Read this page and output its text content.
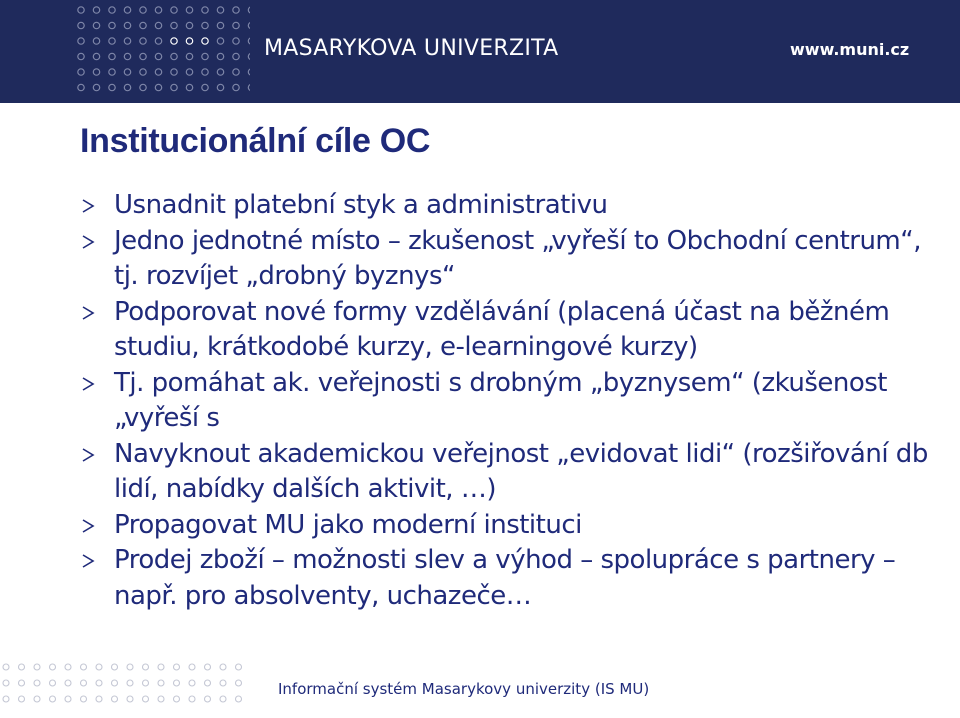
MASARYKOVA UNIVERZITA	www.muni.cz
Institucionální cíle OC
Usnadnit platební styk a administrativu
Jedno jednotné místo – zkušenost „vyřeší to Obchodní centrum“, tj. rozvíjet „drobný byznys“
Podporovat nové formy vzdělávání (placená účast na běžném studiu, krátkodobé kurzy, e-learningové kurzy)
Tj. pomáhat ak. veřejnosti s drobným „byznysem“ (zkušenost „vyřeší s
Navyknout akademickou veřejnost „evidovat lidi“ (rozšiřování db lidí, nabídky dalších aktivit, …)
Propagovat MU jako moderní instituci
Prodej zboží – možnosti slev a výhod – spolupráce s partnery – např. pro absolventy, uchazeče…
Informační systém Masarykovy univerzity (IS MU)
